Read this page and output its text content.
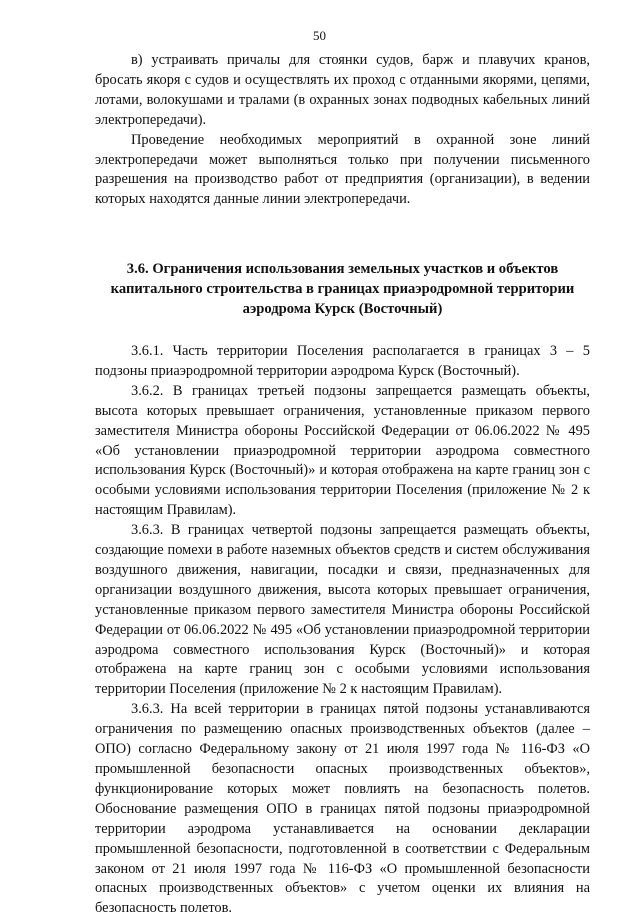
50

в) устраивать причалы для стоянки судов, барж и плавучих кранов, бросать якоря с судов и осуществлять их проход с отданными якорями, цепями, лотами, волокушами и тралами (в охранных зонах подводных кабельных линий электропередачи).

Проведение необходимых мероприятий в охранной зоне линий электропередачи может выполняться только при получении письменного разрешения на производство работ от предприятия (организации), в ведении которых находятся данные линии электропередачи.

3.6. Ограничения использования земельных участков и объектов капитального строительства в границах приаэродромной территории аэродрома Курск (Восточный)

3.6.1. Часть территории Поселения располагается в границах 3 – 5 подзоны приаэродромной территории аэродрома Курск (Восточный).

3.6.2. В границах третьей подзоны запрещается размещать объекты, высота которых превышает ограничения, установленные приказом первого заместителя Министра обороны Российской Федерации от 06.06.2022 № 495 «Об установлении приаэродромной территории аэродрома совместного использования Курск (Восточный)» и которая отображена на карте границ зон с особыми условиями использования территории Поселения (приложение № 2 к настоящим Правилам).

3.6.3. В границах четвертой подзоны запрещается размещать объекты, создающие помехи в работе наземных объектов средств и систем обслуживания воздушного движения, навигации, посадки и связи, предназначенных для организации воздушного движения, высота которых превышает ограничения, установленные приказом первого заместителя Министра обороны Российской Федерации от 06.06.2022 № 495 «Об установлении приаэродромной территории аэродрома совместного использования Курск (Восточный)» и которая отображена на карте границ зон с особыми условиями использования территории Поселения (приложение № 2 к настоящим Правилам).

3.6.3. На всей территории в границах пятой подзоны устанавливаются ограничения по размещению опасных производственных объектов (далее – ОПО) согласно Федеральному закону от 21 июля 1997 года № 116-ФЗ «О промышленной безопасности опасных производственных объектов», функционирование которых может повлиять на безопасность полетов. Обоснование размещения ОПО в границах пятой подзоны приаэродромной территории аэродрома устанавливается на основании декларации промышленной безопасности, подготовленной в соответствии с Федеральным законом от 21 июля 1997 года № 116-ФЗ «О промышленной безопасности опасных производственных объектов» с учетом оценки их влияния на безопасность полетов.
